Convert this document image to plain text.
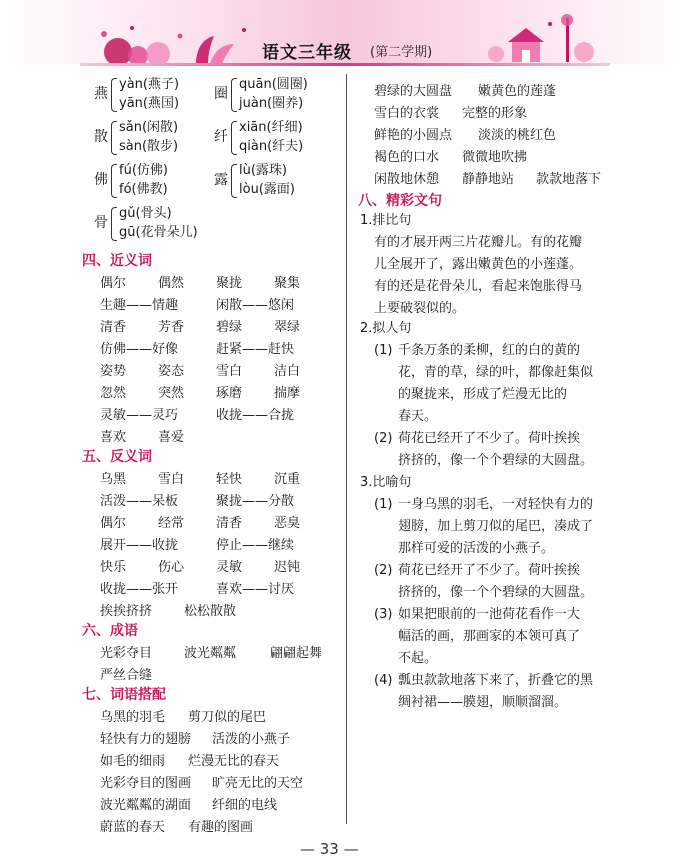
语文三年级 (第二学期)
燕
yàn(燕子)
yān(燕国)
散
sǎn(闲散)
sàn(散步)
佛
fú(仿佛)
fó(佛教)
骨
gǔ(骨头)
gū(花骨朵儿)
圈
quān(圆圈)
juàn(圈养)
纤
xiān(纤细)
qiàn(纤夫)
露
lù(露珠)
lòu(露面)
四、近义词
偶尔 偶然 聚拢 聚集
生趣——情趣	闲散——悠闲
清香 芳香 碧绿 翠绿
仿佛——好像	赶紧——赶快
姿势 姿态 雪白 洁白
忽然 突然 琢磨 揣摩
灵敏——灵巧	收拢——合拢
喜欢 喜爱
五、反义词
乌黑 雪白 轻快 沉重
活泼——呆板	聚拢——分散
偶尔 经常 清香 恶臭
展开——收拢	停止——继续
快乐 伤心 灵敏 迟钝
收拢——张开	喜欢——讨厌
挨挨挤挤 松松散散
六、成语
光彩夺目 波光粼粼	翩翩起舞
严丝合缝
七、词语搭配
乌黑的羽毛 剪刀似的尾巴
轻快有力的翅膀 活泼的小燕子
如毛的细雨 烂漫无比的春天
光彩夺目的图画 旷亮无比的天空
波光粼粼的湖面 纤细的电线
蔚蓝的春天 有趣的图画
碧绿的大圆盘 嫩黄色的莲蓬
雪白的衣裳 完整的形象
鲜艳的小圆点 淡淡的桃红色
褐色的口水 微微地吹拂
闲散地休憩 静静地站 款款地落下
八、精彩文句
1.排比句
有的才展开两三片花瓣儿。有的花瓣
儿全展开了，露出嫩黄色的小莲蓬。
有的还是花骨朵儿，看起来饱胀得马
上要破裂似的。
2.拟人句
(1) 千条万条的柔柳，红的白的黄的
花，青的草，绿的叶，都像赶集似
的聚拢来，形成了烂漫无比的
春天。
(2) 荷花已经开了不少了。荷叶挨挨
挤挤的，像一个个碧绿的大圆盘。
3.比喻句
(1) 一身乌黑的羽毛，一对轻快有力的
翅膀，加上剪刀似的尾巴，凑成了
那样可爱的活泼的小燕子。
(2) 荷花已经开了不少了。荷叶挨挨
挤挤的，像一个个碧绿的大圆盘。
(3) 如果把眼前的一池荷花看作一大
幅活的画，那画家的本领可真了
不起。
(4) 瓢虫款款地落下来了，折叠它的黑
绸衬裙——膜翅，顺顺溜溜。
— 33 —
